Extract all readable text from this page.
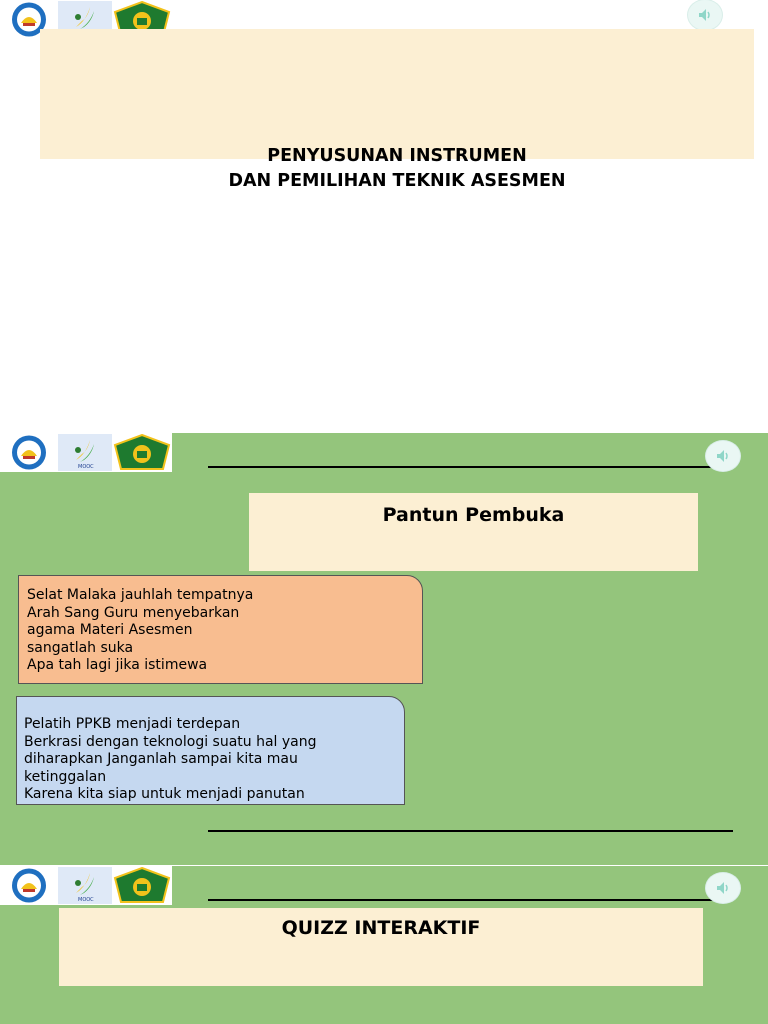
PENYUSUNAN INSTRUMEN
DAN PEMILIHAN TEKNIK ASESMEN
MOOC
Pantun Pembuka
Selat Malaka jauhlah tempatnya
Arah Sang Guru menyebarkan
agama Materi Asesmen
sangatlah suka
Apa tah lagi jika istimewa
Pelatih PPKB menjadi terdepan
Berkrasi dengan teknologi suatu hal yang
diharapkan Janganlah sampai kita mau
ketinggalan
Karena kita siap untuk menjadi panutan
MOOC
QUIZZ INTERAKTIF
